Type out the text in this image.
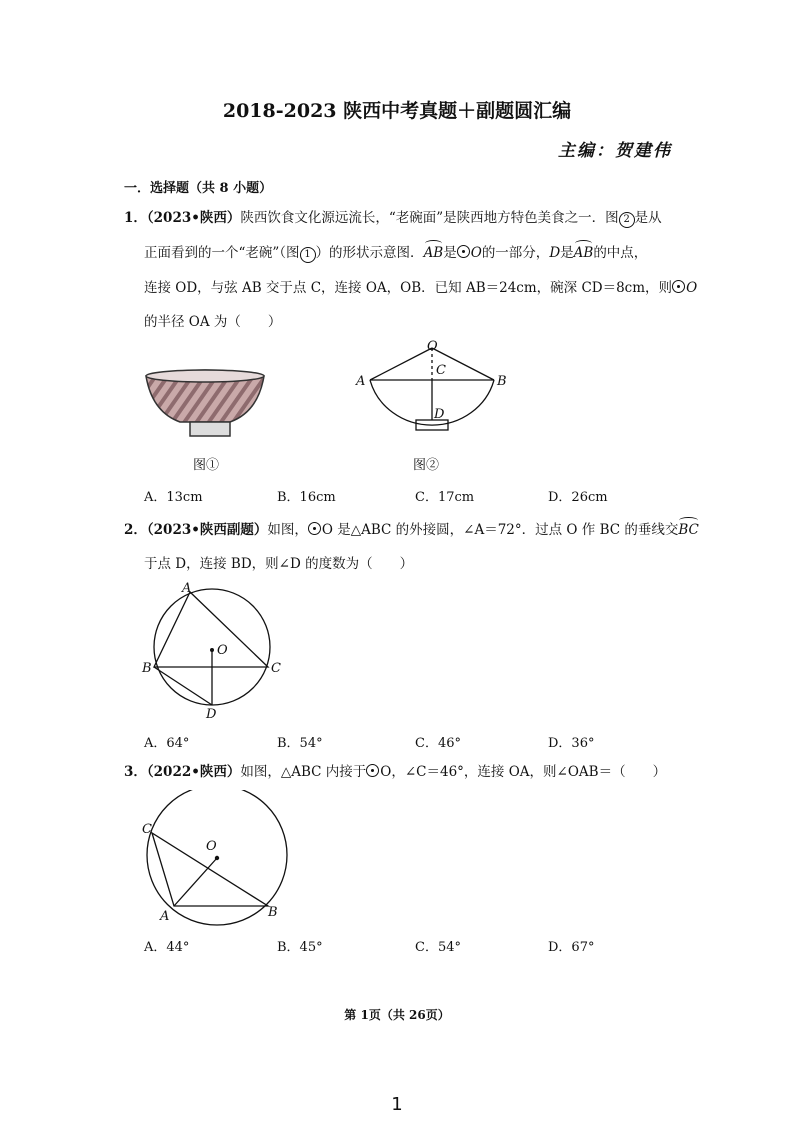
2018-2023 陕西中考真题＋副题圆汇编
主编：贺建伟
一．选择题（共 8 小题）
1．（2023•陕西）陕西饮食文化源远流长，“老碗面”是陕西地方特色美食之一．图 2 是从
正面看到的一个“老碗”（图 1 ）的形状示意图．AB是 O的一部分，D是AB的中点，
连接 OD，与弦 AB 交于点 C，连接 OA，OB．已知 AB＝24cm，碗深 CD＝8cm，则 O
的半径 OA 为（　　）
图①
O
A	B
C
D
图②
A．13cm	B．16cm	C．17cm	D．26cm
2．（2023•陕西副题）如图， O 是△ABC 的外接圆，∠A＝72°．过点 O 作 BC 的垂线交BC
于点 D，连接 BD，则∠D 的度数为（　　）
A
B	C
O
D
A．64°	B．54°	C．46°	D．36°
3．（2022•陕西）如图，△ABC 内接于 O，∠C＝46°，连接 OA，则∠OAB＝（　　）
C
O
A	B
A．44°	B．45°	C．54°	D．67°
第 1页（共 26页）
1
